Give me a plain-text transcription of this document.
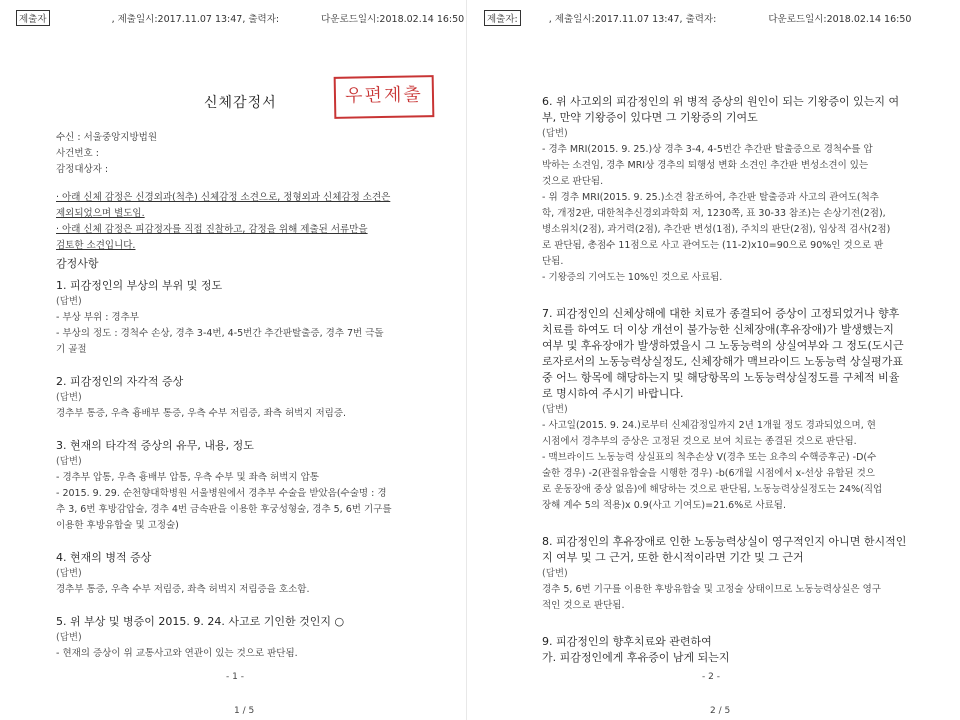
제출자	, 제출일시:2017.11.07 13:47, 출력자:	다운로드일시:2018.02.14 16:50
신체감정서	우편제출
수신 : 서울중앙지방법원
사건번호 :
감정대상자 :
· 아래 신체 감정은 신경외과(척추) 신체감정 소견으로, 정형외과 신체감정 소견은
제외되었으며 별도임.
· 아래 신체 감정은 피감정자를 직접 진찰하고, 감정을 위해 제출된 서류만을
검토한 소견입니다.
감정사항
1. 피감정인의 부상의 부위 및 정도
(답변)
- 부상 부위 : 경추부
- 부상의 정도 : 경척수 손상, 경추 3-4번, 4-5번간 추간판탈출증, 경추 7번 극돌
기 골절
2. 피감정인의 자각적 증상
(답변)
경추부 통증, 우측 흉배부 통증, 우측 수부 저림증, 좌측 허벅지 저림증.
3. 현재의 타각적 증상의 유무, 내용, 정도
(답변)
- 경추부 압통, 우측 흉배부 압통, 우측 수부 및 좌측 허벅지 압통
- 2015. 9. 29. 순천향대학병원 서울병원에서 경추부 수술을 받았음(수술명 : 경
추 3, 6번 후방감압술, 경추 4번 금속판을 이용한 후궁성형술, 경추 5, 6번 기구를
이용한 후방유합술 및 고정술)
4. 현재의 병적 증상
(답변)
경추부 통증, 우측 수부 저림증, 좌측 허벅지 저림증을 호소함.
5. 위 부상 및 병증이 2015. 9. 24. 사고로 기인한 것인지 ○
(답변)
- 현재의 증상이 위 교통사고와 연관이 있는 것으로 판단됨.
- 1 -
1 / 5
제출자:	, 제출일시:2017.11.07 13:47, 출력자:	다운로드일시:2018.02.14 16:50
6. 위 사고외의 피감정인의 위 병적 증상의 원인이 되는 기왕증이 있는지 여
부, 만약 기왕증이 있다면 그 기왕증의 기여도
(답변)
- 경추 MRI(2015. 9. 25.)상 경추 3-4, 4-5번간 추간판 탈출증으로 경척수를 압
박하는 소견임, 경추 MRI상 경추의 퇴행성 변화 소견인 추간판 변성소견이 있는
것으로 판단됨.
- 위 경추 MRI(2015. 9. 25.)소견 참조하여, 추간판 탈출증과 사고의 관여도(척추
학, 개정2판, 대한척추신경외과학회 저, 1230쪽, 표 30-33 참조)는 손상기전(2점),
병소위치(2점), 과거력(2점), 추간판 변성(1점), 주치의 판단(2점), 임상적 검사(2점)
로 판단됨, 총점수 11점으로 사고 관여도는 (11-2)x10=90으로 90%인 것으로 판
단됨.
- 기왕증의 기여도는 10%인 것으로 사료됨.
7. 피감정인의 신체상해에 대한 치료가 종결되어 증상이 고정되었거나 향후
치료를 하여도 더 이상 개선이 불가능한 신체장애(후유장애)가 발생했는지
여부 및 후유장애가 발생하였을시 그 노동능력의 상실여부와 그 정도(도시근
로자로서의 노동능력상실정도, 신체장해가 맥브라이드 노동능력 상실평가표
중 어느 항목에 해당하는지 및 해당항목의 노동능력상실정도를 구체적 비율
로 명시하여 주시기 바랍니다.
(답변)
- 사고일(2015. 9. 24.)로부터 신체감정일까지 2년 1개월 정도 경과되었으며, 현
시점에서 경추부의 증상은 고정된 것으로 보여 치료는 종결된 것으로 판단됨.
- 맥브라이드 노동능력 상실표의 척추손상 V(경추 또는 요추의 수핵증후군) -D(수
술한 경우) -2(관절유합술을 시행한 경우) -b(6개월 시점에서 x-선상 유합된 것으
로 운동장애 중상 없음)에 해당하는 것으로 판단됨, 노동능력상실정도는 24%(직업
장해 계수 5의 적용)x 0.9(사고 기여도)=21.6%로 사료됨.
8. 피감정인의 후유장애로 인한 노동능력상실이 영구적인지 아니면 한시적인
지 여부 및 그 근거, 또한 한시적이라면 기간 및 그 근거
(답변)
경추 5, 6번 기구를 이용한 후방유합술 및 고정술 상태이므로 노동능력상실은 영구
적인 것으로 판단됨.
9. 피감정인의 향후치료와 관련하여
가. 피감정인에게 후유증이 남게 되는지
- 2 -
2 / 5
